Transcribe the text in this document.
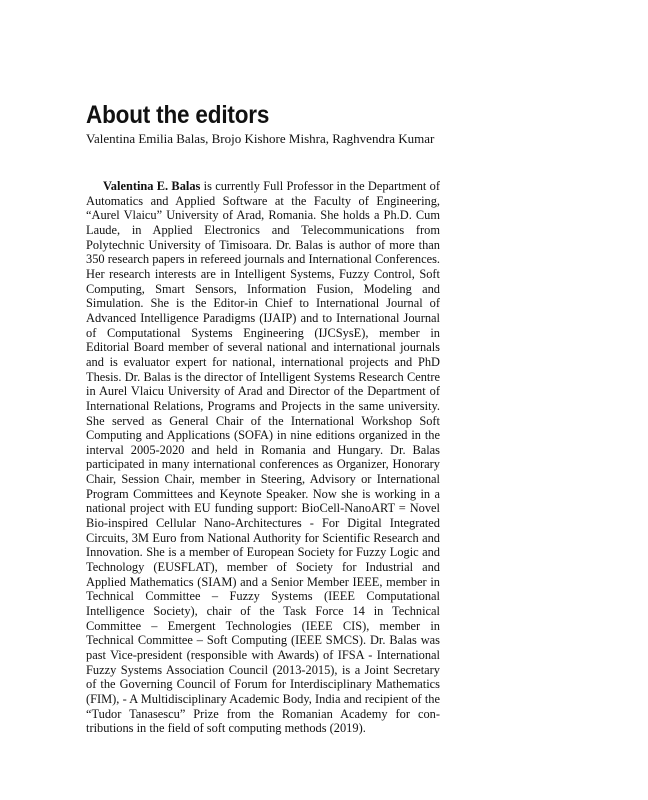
About the editors

Valentina Emilia Balas, Brojo Kishore Mishra, Raghvendra Kumar

Valentina E. Balas is currently Full Professor in the Department of Automatics and Applied Software at the Faculty of Engineering, “Aurel Vlaicu” University of Arad, Romania. She holds a Ph.D. Cum Laude, in Applied Electronics and Telecommunications from Polytechnic University of Timisoara. Dr. Balas is author of more than 350 research papers in refereed journals and International Conferences. Her research interests are in Intelligent Systems, Fuzzy Control, Soft Computing, Smart Sensors, Information Fusion, Modeling and Simulation. She is the Editor-in Chief to International Journal of Advanced Intelligence Paradigms (IJAIP) and to International Journal of Computational Systems Engineering (IJCSysE), member in Editorial Board member of several national and international journals and is evaluator expert for national, international projects and PhD Thesis. Dr. Balas is the director of Intelligent Systems Research Centre in Aurel Vlaicu University of Arad and Director of the Department of International Relations, Programs and Projects in the same university. She served as General Chair of the International Workshop Soft Computing and Applications (SOFA) in nine editions organized in the interval 2005-2020 and held in Romania and Hungary. Dr. Balas participated in many international conferences as Organizer, Honorary Chair, Session Chair, member in Steering, Advisory or International Program Committees and Keynote Speaker. Now she is working in a national project with EU funding support: BioCell-NanoART = Novel Bio-inspired Cellular Nano-Architectures - For Digital Integrated Circuits, 3M Euro from National Authority for Scientific Research and Innovation. She is a member of European Society for Fuzzy Logic and Technology (EUSFLAT), member of Society for Industrial and Applied Mathematics (SIAM) and a Senior Member IEEE, member in Technical Committee – Fuzzy Systems (IEEE Computational Intelligence Society), chair of the Task Force 14 in Technical Committee – Emergent Technologies (IEEE CIS), member in Technical Committee – Soft Computing (IEEE SMCS). Dr. Balas was past Vice-president (responsible with Awards) of IFSA - International Fuzzy Systems Association Council (2013-2015), is a Joint Secretary of the Governing Council of Forum for Interdisciplinary Mathematics (FIM), - A Multidisciplinary Academic Body, India and recipient of the “Tudor Tanasescu” Prize from the Romanian Academy for contributions in the field of soft computing methods (2019).
